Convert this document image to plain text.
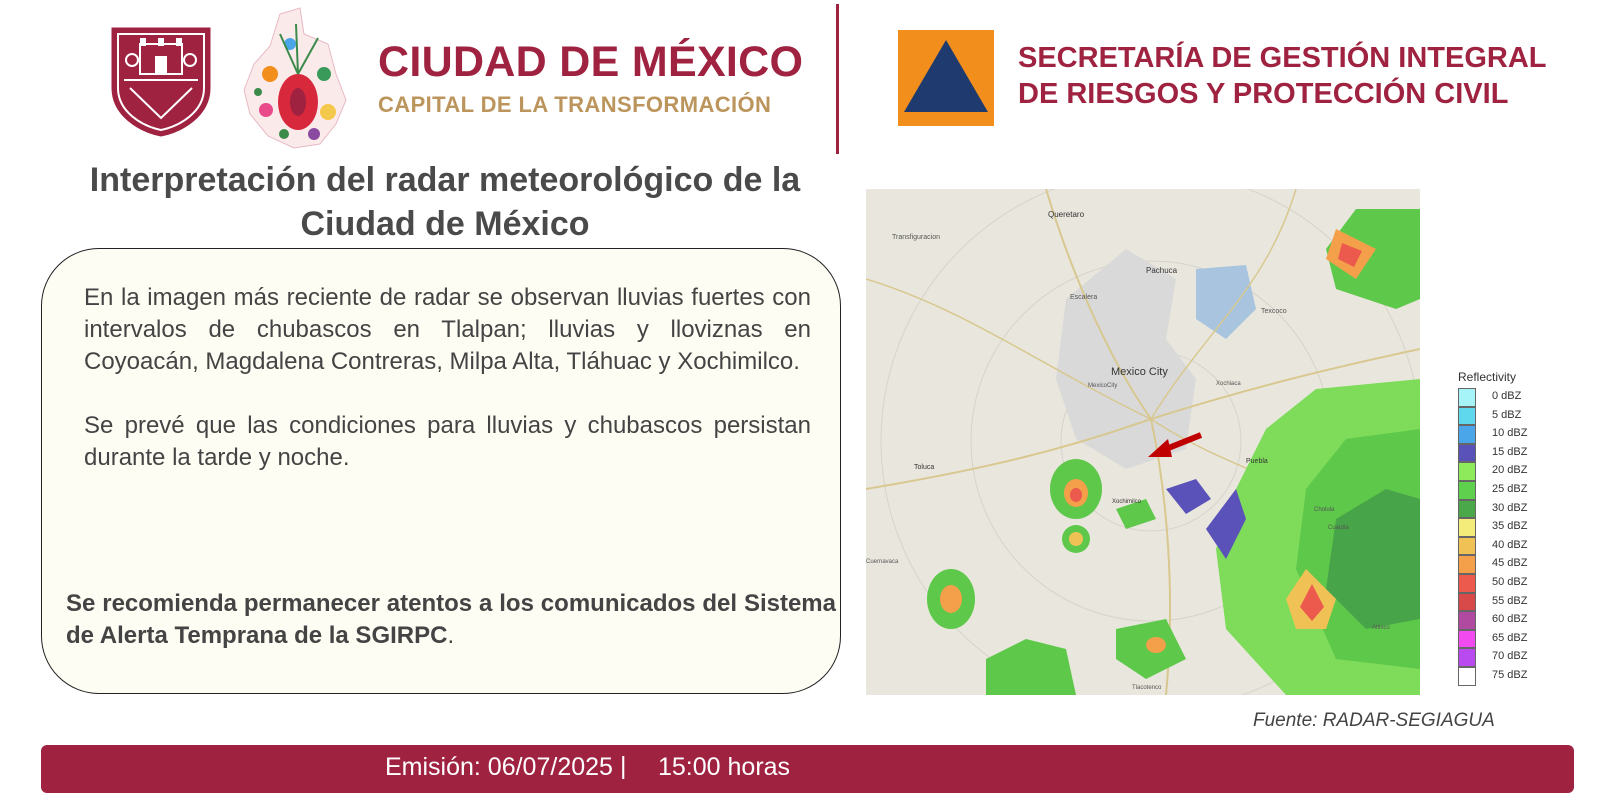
CIUDAD DE MÉXICO
CAPITAL DE LA TRANSFORMACIÓN
SECRETARÍA DE GESTIÓN INTEGRAL
DE RIESGOS Y PROTECCIÓN CIVIL
Interpretación del radar meteorológico de la
Ciudad de México
En la imagen más reciente de radar se observan lluvias fuertes con intervalos de chubascos en Tlalpan; lluvias y lloviznas en Coyoacán, Magdalena Contreras, Milpa Alta, Tláhuac y Xochimilco.
Se prevé que las condiciones para lluvias y chubascos persistan durante la tarde y noche.
Se recomienda permanecer atentos a los comunicados del Sistema de Alerta Temprana de la SGIRPC.
Queretaro
Transfiguracion
Pachuca
Escalera
Texcoco
Mexico City
MexicoCity	Xochiaca
Toluca
Xochimilco
Puebla
Cholula
Cuautla
Cuernavaca
Atlixco
Tlacotenco
Reflectivity
0 dBZ
5 dBZ
10 dBZ
15 dBZ
20 dBZ
25 dBZ
30 dBZ
35 dBZ
40 dBZ
45 dBZ
50 dBZ
55 dBZ
60 dBZ
65 dBZ
70 dBZ
75 dBZ
Fuente: RADAR-SEGIAGUA
Emisión: 06/07/2025 | 15:00 horas
